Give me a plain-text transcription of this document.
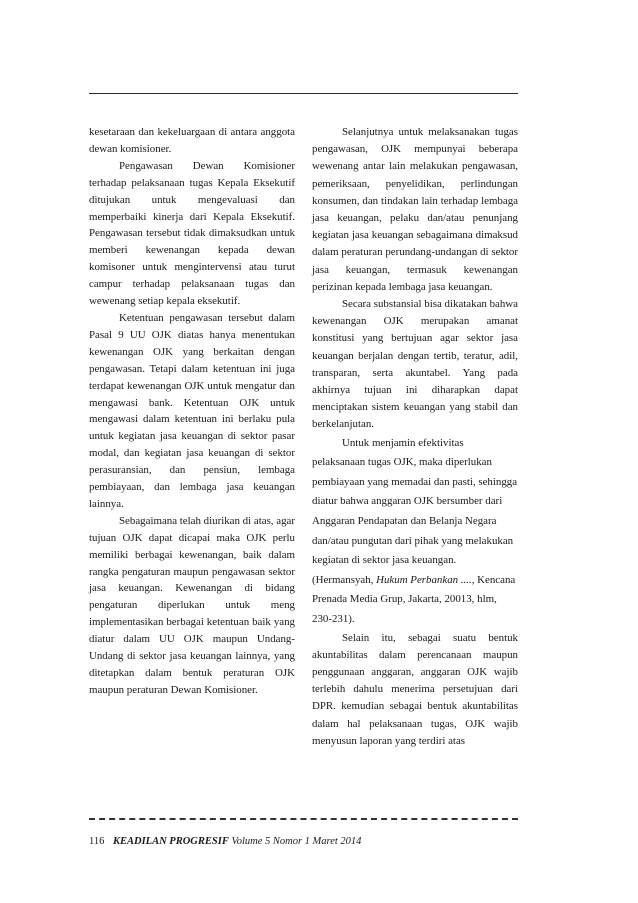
kesetaraan dan kekeluargaan di antara anggota dewan komisioner.

Pengawasan Dewan Komisioner terhadap pelaksanaan tugas Kepala Eksekutif ditujukan untuk mengevaluasi dan memperbaiki kinerja dari Kepala Eksekutif. Pengawasan tersebut tidak dimaksudkan untuk memberi kewenangan kepada dewan komisoner untuk mengintervensi atau turut campur terhadap pelaksanaan tugas dan wewenang setiap kepala eksekutif.

Ketentuan pengawasan tersebut dalam Pasal 9 UU OJK diatas hanya menentukan kewenangan OJK yang berkaitan dengan pengawasan. Tetapi dalam ketentuan ini juga terdapat kewenangan OJK untuk mengatur dan mengawasi bank. Ketentuan OJK untuk mengawasi dalam ketentuan ini berlaku pula untuk kegiatan jasa keuangan di sektor pasar modal, dan kegiatan jasa keuangan di sektor perasuransian, dan pensiun, lembaga pembiayaan, dan lembaga jasa keuangan lainnya.

Sebagaimana telah diurikan di atas, agar tujuan OJK dapat dicapai maka OJK perlu memiliki berbagai kewenangan, baik dalam rangka pengaturan maupun pengawasan sektor jasa keuangan. Kewenangan di bidang pengaturan diperlukan untuk meng implementasikan berbagai ketentuan baik yang diatur dalam UU OJK maupun Undang-Undang di sektor jasa keuangan lainnya, yang ditetapkan dalam bentuk peraturan OJK maupun peraturan Dewan Komisioner.

Selanjutnya untuk melaksanakan tugas pengawasan, OJK mempunyai beberapa wewenang antar lain melakukan pengawasan, pemeriksaan, penyelidikan, perlindungan konsumen, dan tindakan lain terhadap lembaga jasa keuangan, pelaku dan/atau penunjang kegiatan jasa keuangan sebagaimana dimaksud dalam peraturan perundang-undangan di sektor jasa keuangan, termasuk kewenangan perizinan kepada lembaga jasa keuangan.

Secara substansial bisa dikatakan bahwa kewenangan OJK merupakan amanat konstitusi yang bertujuan agar sektor jasa keuangan berjalan dengan tertib, teratur, adil, transparan, serta akuntabel. Yang pada akhirnya tujuan ini diharapkan dapat menciptakan sistem keuangan yang stabil dan berkelanjutan.

Untuk menjamin efektivitas pelaksanaan tugas OJK, maka diperlukan pembiayaan yang memadai dan pasti, sehingga diatur bahwa anggaran OJK bersumber dari Anggaran Pendapatan dan Belanja Negara dan/atau pungutan dari pihak yang melakukan kegiatan di sektor jasa keuangan. (Hermansyah, Hukum Perbankan ...., Kencana Prenada Media Grup, Jakarta, 20013, hlm, 230-231).

Selain itu, sebagai suatu bentuk akuntabilitas dalam perencanaan maupun penggunaan anggaran, anggaran OJK wajib terlebih dahulu menerima persetujuan dari DPR. kemudian sebagai bentuk akuntabilitas dalam hal pelaksanaan tugas, OJK wajib menyusun laporan yang terdiri atas

116 KEADILAN PROGRESIF Volume 5 Nomor 1 Maret 2014
